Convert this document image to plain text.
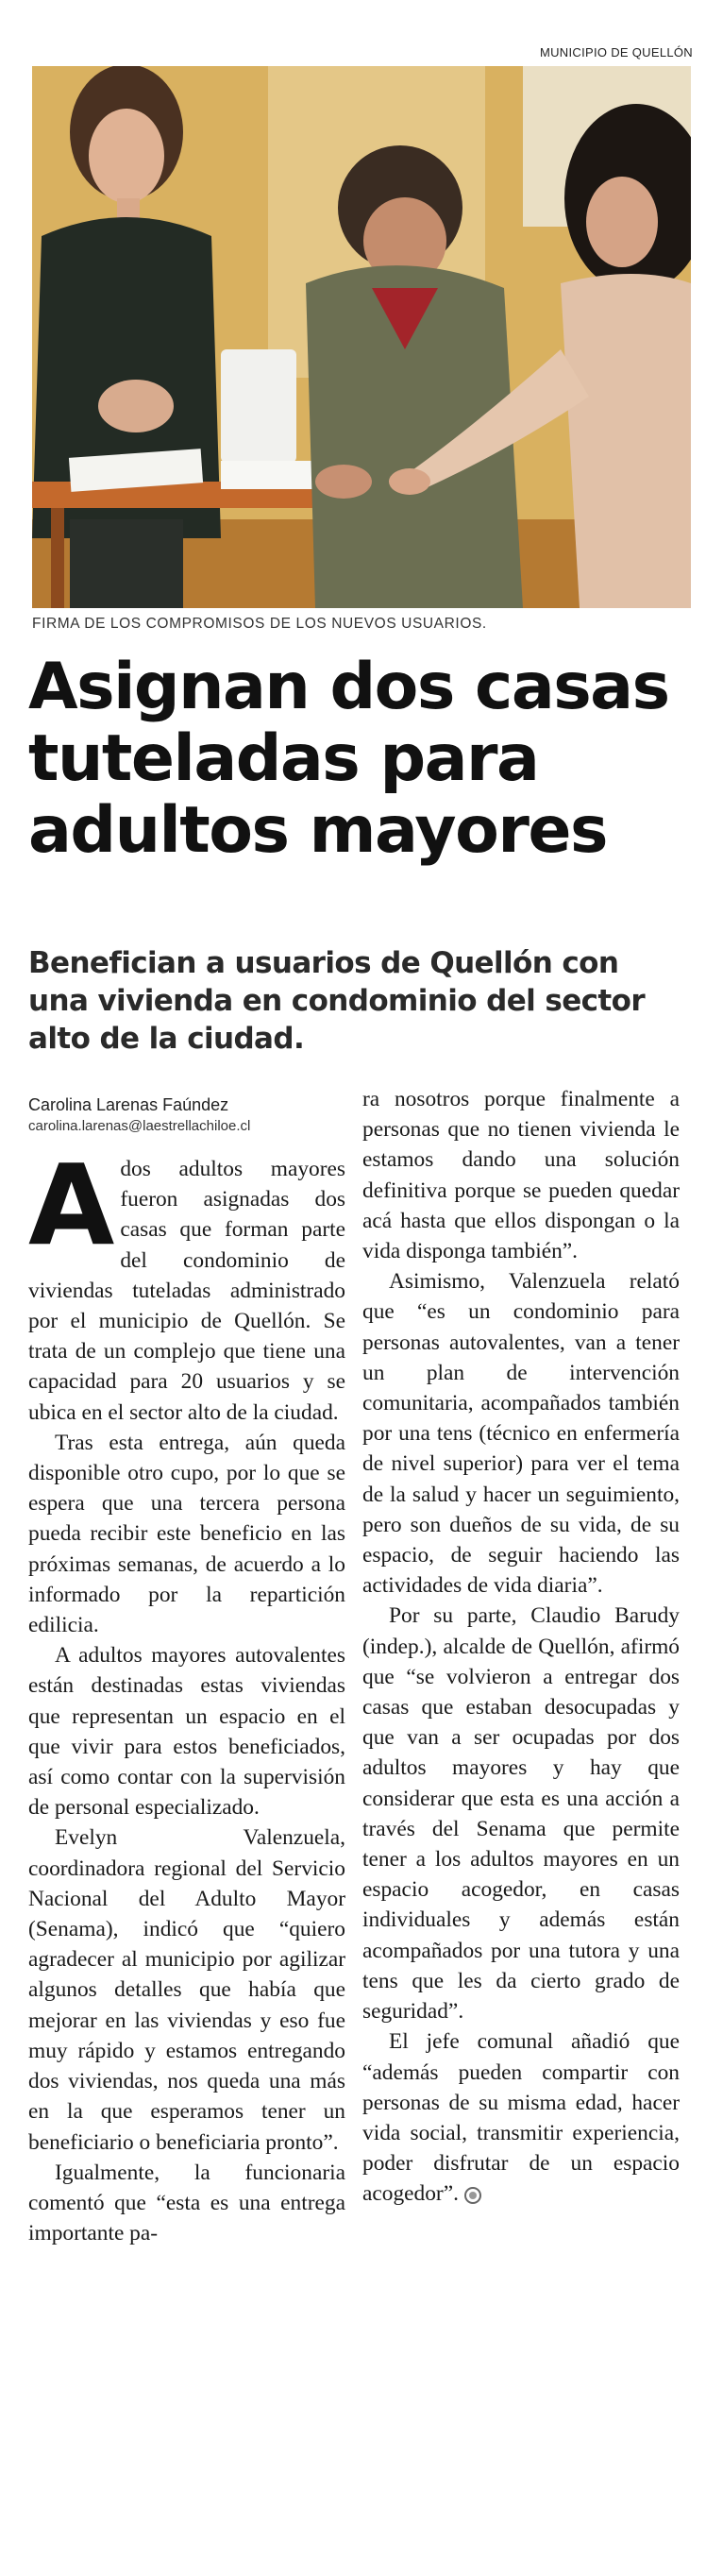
MUNICIPIO DE QUELLÓN
FIRMA DE LOS COMPROMISOS DE LOS NUEVOS USUARIOS.
Asignan dos casas tuteladas para adultos mayores
Benefician a usuarios de Quellón con una vivienda en condominio del sector alto de la ciudad.
Carolina Larenas Faúndez
carolina.larenas@laestrellachiloe.cl

Ados adultos mayores fueron asignadas dos casas que forman parte del condominio de viviendas tuteladas administrado por el municipio de Quellón. Se trata de un complejo que tiene una capacidad para 20 usuarios y se ubica en el sector alto de la ciudad.

Tras esta entrega, aún queda disponible otro cupo, por lo que se espera que una tercera persona pueda recibir este beneficio en las próximas semanas, de acuerdo a lo informado por la repartición edilicia.

A adultos mayores autovalentes están destinadas estas viviendas que representan un espacio en el que vivir para estos beneficiados, así como contar con la supervisión de personal especializado.

Evelyn Valenzuela, coordinadora regional del Servicio Nacional del Adulto Mayor (Senama), indicó que “quiero agradecer al municipio por agilizar algunos detalles que había que mejorar en las viviendas y eso fue muy rápido y estamos entregando dos viviendas, nos queda una más en la que esperamos tener un beneficiario o beneficiaria pronto”.

Igualmente, la funcionaria comentó que “esta es una entrega importante pa-

ra nosotros porque finalmente a personas que no tienen vivienda le estamos dando una solución definitiva porque se pueden quedar acá hasta que ellos dispongan o la vida disponga también”.

Asimismo, Valenzuela relató que “es un condominio para personas autovalentes, van a tener un plan de intervención comunitaria, acompañados también por una tens (técnico en enfermería de nivel superior) para ver el tema de la salud y hacer un seguimiento, pero son dueños de su vida, de su espacio, de seguir haciendo las actividades de vida diaria”.

Por su parte, Claudio Barudy (indep.), alcalde de Quellón, afirmó que “se volvieron a entregar dos casas que estaban desocupadas y que van a ser ocupadas por dos adultos mayores y hay que considerar que esta es una acción a través del Senama que permite tener a los adultos mayores en un espacio acogedor, en casas individuales y además están acompañados por una tutora y una tens que les da cierto grado de seguridad”.

El jefe comunal añadió que “además pueden compartir con personas de su misma edad, hacer vida social, transmitir experiencia, poder disfrutar de un espacio acogedor”.
